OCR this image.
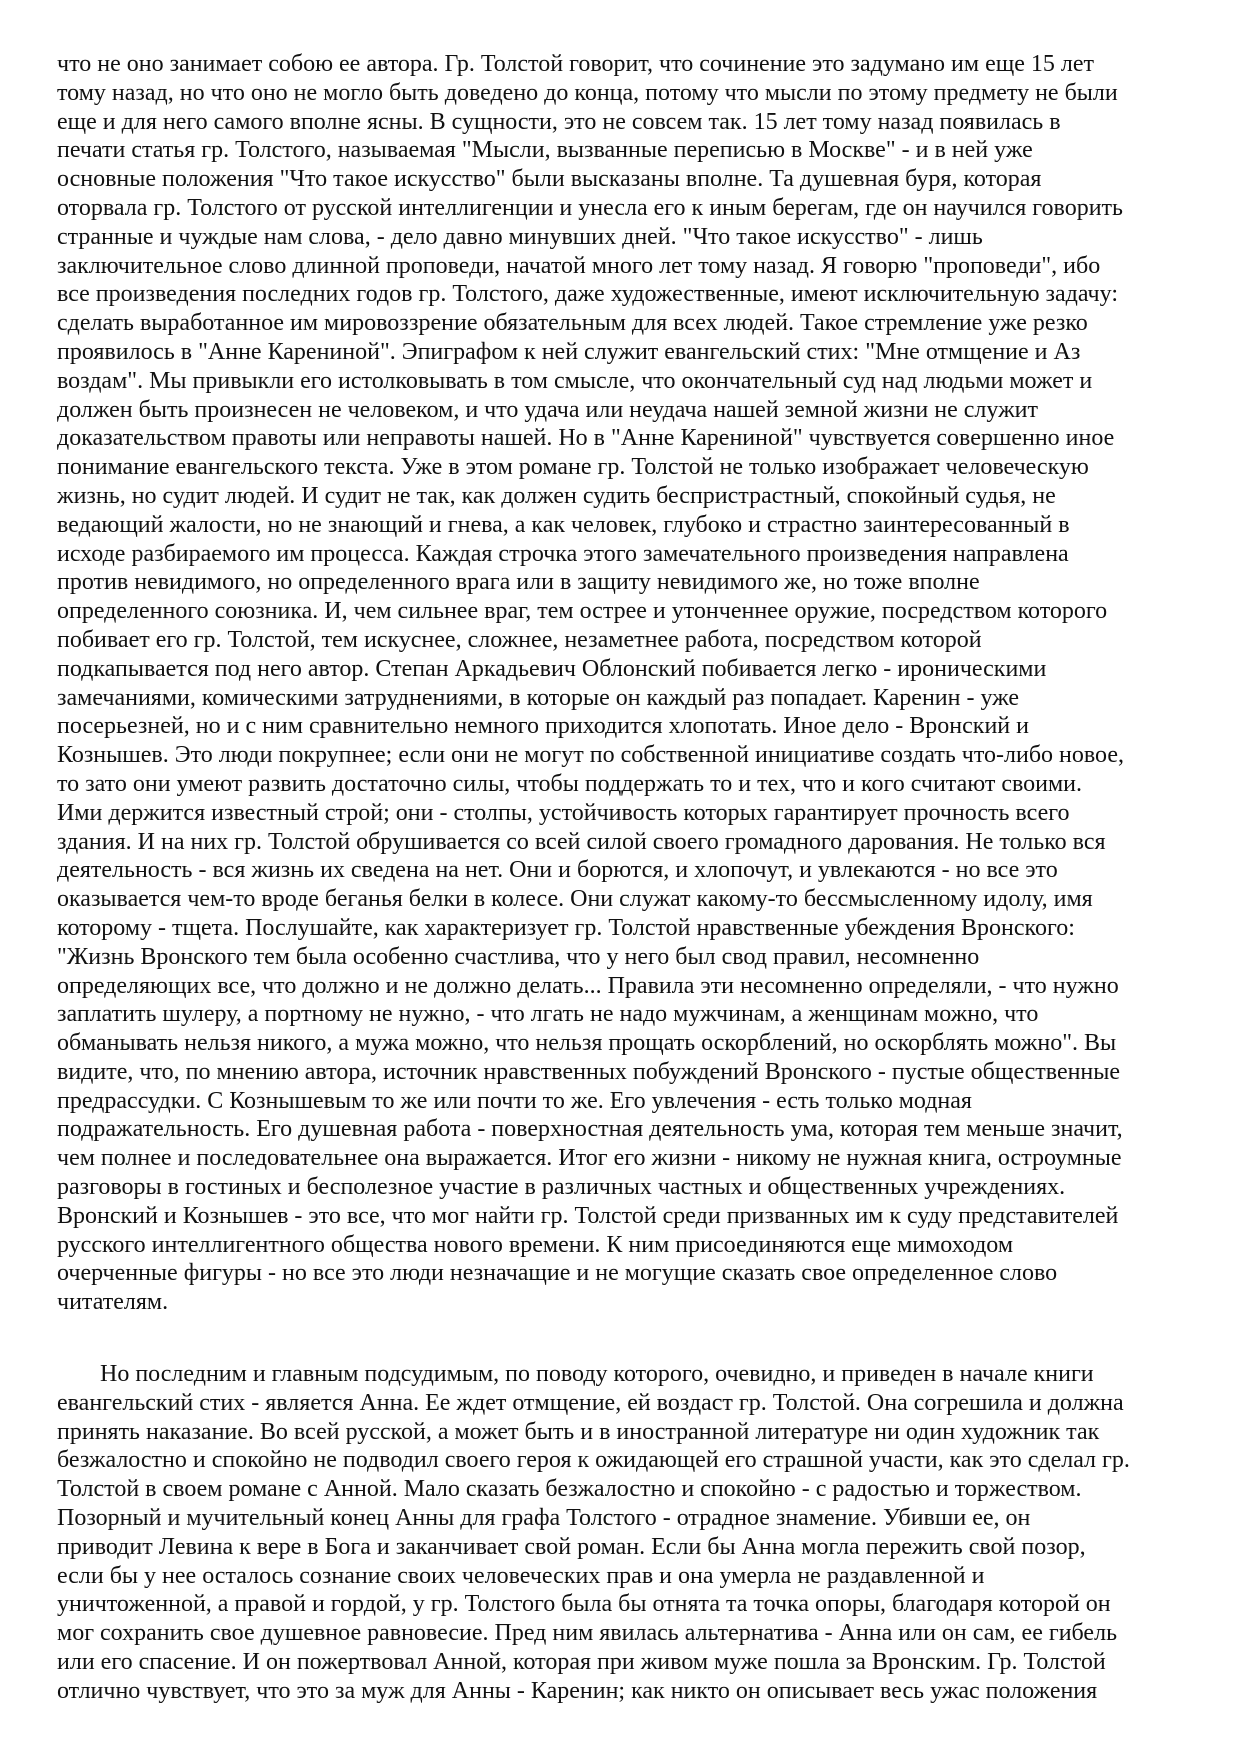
что не оно занимает собою ее автора. Гр. Толстой говорит, что сочинение это задумано им еще 15 лет
тому назад, но что оно не могло быть доведено до конца, потому что мысли по этому предмету не были
еще и для него самого вполне ясны. В сущности, это не совсем так. 15 лет тому назад появилась в
печати статья гр. Толстого, называемая "Мысли, вызванные переписью в Москве" - и в ней уже
основные положения "Что такое искусство" были высказаны вполне. Та душевная буря, которая
оторвала гр. Толстого от русской интеллигенции и унесла его к иным берегам, где он научился говорить
странные и чуждые нам слова, - дело давно минувших дней. "Что такое искусство" - лишь
заключительное слово длинной проповеди, начатой много лет тому назад. Я говорю "проповеди", ибо
все произведения последних годов гр. Толстого, даже художественные, имеют исключительную задачу:
сделать выработанное им мировоззрение обязательным для всех людей. Такое стремление уже резко
проявилось в "Анне Карениной". Эпиграфом к ней служит евангельский стих: "Мне отмщение и Аз
воздам". Мы привыкли его истолковывать в том смысле, что окончательный суд над людьми может и
должен быть произнесен не человеком, и что удача или неудача нашей земной жизни не служит
доказательством правоты или неправоты нашей. Но в "Анне Карениной" чувствуется совершенно иное
понимание евангельского текста. Уже в этом романе гр. Толстой не только изображает человеческую
жизнь, но судит людей. И судит не так, как должен судить беспристрастный, спокойный судья, не
ведающий жалости, но не знающий и гнева, а как человек, глубоко и страстно заинтересованный в
исходе разбираемого им процесса. Каждая строчка этого замечательного произведения направлена
против невидимого, но определенного врага или в защиту невидимого же, но тоже вполне
определенного союзника. И, чем сильнее враг, тем острее и утонченнее оружие, посредством которого
побивает его гр. Толстой, тем искуснее, сложнее, незаметнее работа, посредством которой
подкапывается под него автор. Степан Аркадьевич Облонский побивается легко - ироническими
замечаниями, комическими затруднениями, в которые он каждый раз попадает. Каренин - уже
посерьезней, но и с ним сравнительно немного приходится хлопотать. Иное дело - Вронский и
Кознышев. Это люди покрупнее; если они не могут по собственной инициативе создать что-либо новое,
то зато они умеют развить достаточно силы, чтобы поддержать то и тех, что и кого считают своими.
Ими держится известный строй; они - столпы, устойчивость которых гарантирует прочность всего
здания. И на них гр. Толстой обрушивается со всей силой своего громадного дарования. Не только вся
деятельность - вся жизнь их сведена на нет. Они и борются, и хлопочут, и увлекаются - но все это
оказывается чем-то вроде беганья белки в колесе. Они служат какому-то бессмысленному идолу, имя
которому - тщета. Послушайте, как характеризует гр. Толстой нравственные убеждения Вронского:
"Жизнь Вронского тем была особенно счастлива, что у него был свод правил, несомненно
определяющих все, что должно и не должно делать... Правила эти несомненно определяли, - что нужно
заплатить шулеру, а портному не нужно, - что лгать не надо мужчинам, а женщинам можно, что
обманывать нельзя никого, а мужа можно, что нельзя прощать оскорблений, но оскорблять можно". Вы
видите, что, по мнению автора, источник нравственных побуждений Вронского - пустые общественные
предрассудки. С Кознышевым то же или почти то же. Его увлечения - есть только модная
подражательность. Его душевная работа - поверхностная деятельность ума, которая тем меньше значит,
чем полнее и последовательнее она выражается. Итог его жизни - никому не нужная книга, остроумные
разговоры в гостиных и бесполезное участие в различных частных и общественных учреждениях.
Вронский и Кознышев - это все, что мог найти гр. Толстой среди призванных им к суду представителей
русского интеллигентного общества нового времени. К ним присоединяются еще мимоходом
очерченные фигуры - но все это люди незначащие и не могущие сказать свое определенное слово
читателям.
Но последним и главным подсудимым, по поводу которого, очевидно, и приведен в начале книги
евангельский стих - является Анна. Ее ждет отмщение, ей воздаст гр. Толстой. Она согрешила и должна
принять наказание. Во всей русской, а может быть и в иностранной литературе ни один художник так
безжалостно и спокойно не подводил своего героя к ожидающей его страшной участи, как это сделал гр.
Толстой в своем романе с Анной. Мало сказать безжалостно и спокойно - с радостью и торжеством.
Позорный и мучительный конец Анны для графа Толстого - отрадное знамение. Убивши ее, он
приводит Левина к вере в Бога и заканчивает свой роман. Если бы Анна могла пережить свой позор,
если бы у нее осталось сознание своих человеческих прав и она умерла не раздавленной и
уничтоженной, а правой и гордой, у гр. Толстого была бы отнята та точка опоры, благодаря которой он
мог сохранить свое душевное равновесие. Пред ним явилась альтернатива - Анна или он сам, ее гибель
или его спасение. И он пожертвовал Анной, которая при живом муже пошла за Вронским. Гр. Толстой
отлично чувствует, что это за муж для Анны - Каренин; как никто он описывает весь ужас положения
